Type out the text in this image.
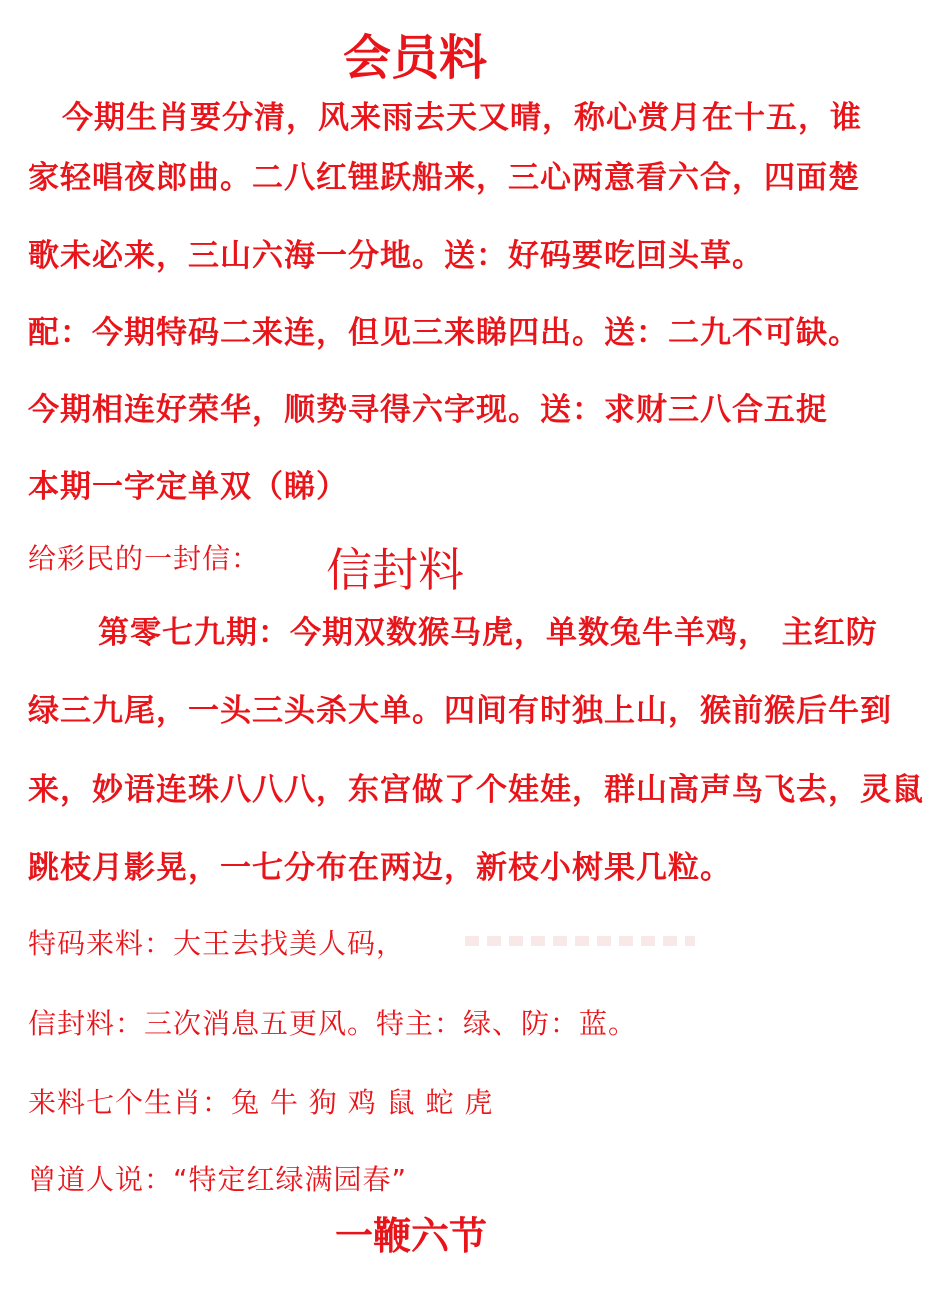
会员料
今期生肖要分清，风来雨去天又晴，称心赏月在十五，谁
家轻唱夜郎曲。二八红锂跃船来，三心两意看六合，四面楚
歌未必来，三山六海一分地。送：好码要吃回头草。
配：今期特码二来连，但见三来睇四出。送：二九不可缺。
今期相连好荣华，顺势寻得六字现。送：求财三八合五捉
本期一字定单双（睇）
给彩民的一封信： 信封料
第零七九期：今期双数猴马虎，单数兔牛羊鸡， 主红防
绿三九尾，一头三头杀大单。四间有时独上山，猴前猴后牛到
来，妙语连珠八八八，东宫做了个娃娃，群山高声鸟飞去，灵鼠
跳枝月影晃，一七分布在两边，新枝小树果几粒。
特码来料：大王去找美人码，
信封料：三次消息五更风。特主：绿、防：蓝。
来料七个生肖：兔 牛 狗 鸡 鼠 蛇 虎
曾道人说：“特定红绿满园春”
一鞭六节
